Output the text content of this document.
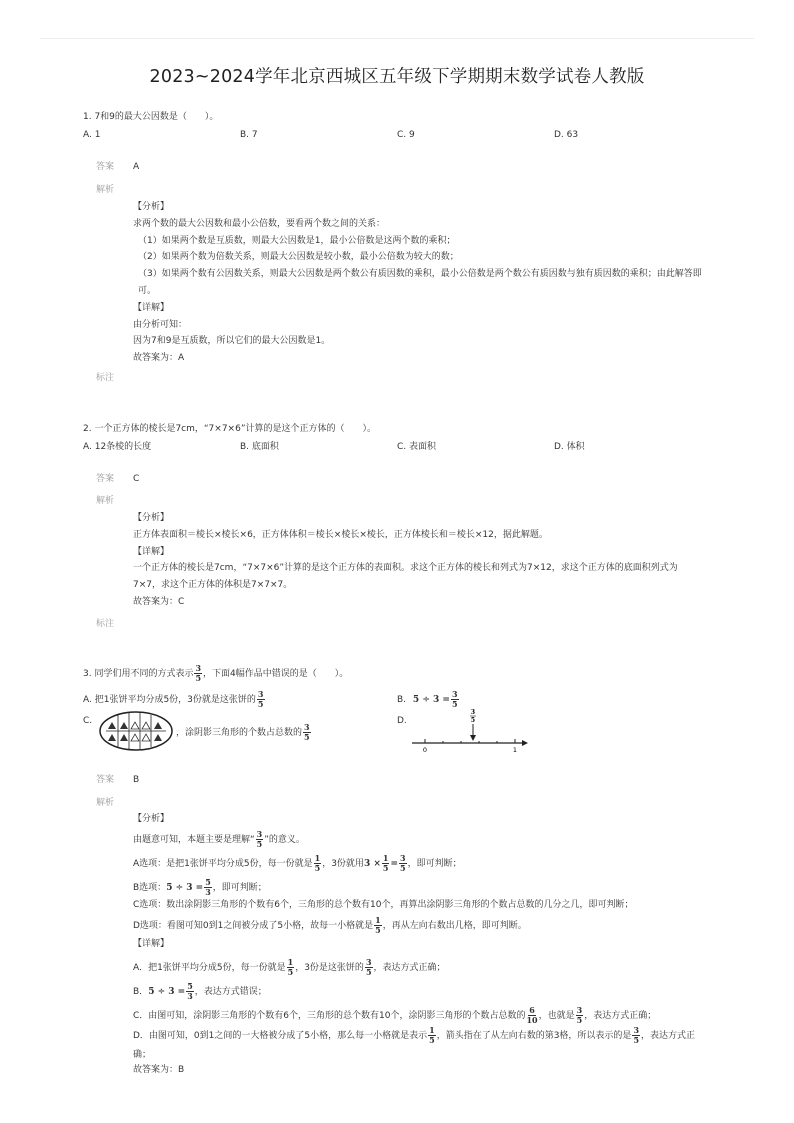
2023~2024学年北京西城区五年级下学期期末数学试卷人教版
1. 7和9的最大公因数是（　　）。
A. 1	B. 7	C. 9	D. 63
答案 A
解析
【分析】
求两个数的最大公因数和最小公倍数，要看两个数之间的关系：
（1）如果两个数是互质数，则最大公因数是1，最小公倍数是这两个数的乘积；
（2）如果两个数为倍数关系，则最大公因数是较小数，最小公倍数为较大的数；
（3）如果两个数有公因数关系，则最大公因数是两个数公有质因数的乘积，最小公倍数是两个数公有质因数与独有质因数的乘积；由此解答即可。
【详解】
由分析可知：
因为7和9是互质数，所以它们的最大公因数是1。
故答案为：A
标注
2. 一个正方体的棱长是7cm，“7×7×6”计算的是这个正方体的（　　）。
A. 12条棱的长度	B. 底面积	C. 表面积	D. 体积
答案 C
解析
【分析】
正方体表面积＝棱长×棱长×6，正方体体积＝棱长×棱长×棱长，正方体棱长和＝棱长×12，据此解题。
【详解】
一个正方体的棱长是7cm，“7×7×6”计算的是这个正方体的表面积。求这个正方体的棱长和列式为7×12，求这个正方体的底面积列式为7×7，求这个正方体的体积是7×7×7。
故答案为：C
标注
3. 同学们用不同的方式表示 $\frac{3}{5}$ ，下面4幅作品中错误的是（　　）。
A. 把1张饼平均分成5份，3份就是这张饼的 $\frac{3}{5}$	B. $5 \div 3 = \frac{3}{5}$
C.
，涂阴影三角形的个数占总数的 $\frac{3}{5}$
D.
3
5
0	1
答案 B
解析
【分析】
由题意可知，本题主要是理解“ $\frac{3}{5}$ ”的意义。
A选项：是把1张饼平均分成5份，每一份就是 $\frac{1}{5}$ ，3份就用$3 \times \frac{1}{5} = \frac{3}{5}$ ，即可判断；
B选项：$5 \div 3 = \frac{5}{3}$ ，即可判断；
C选项：数出涂阴影三角形的个数有6个，三角形的总个数有10个，再算出涂阴影三角形的个数占总数的几分之几，即可判断；
D选项：看图可知0到1之间被分成了5小格，故每一小格就是 $\frac{1}{5}$ ，再从左向右数出几格，即可判断。
【详解】
A．把1张饼平均分成5份，每一份就是 $\frac{1}{5}$ ，3份是这张饼的 $\frac{3}{5}$ ，表达方式正确；
B．$5 \div 3 = \frac{5}{3}$ ，表达方式错误；
C．由图可知，涂阴影三角形的个数有6个，三角形的总个数有10个，涂阴影三角形的个数占总数的 $\frac{6}{10}$ ，也就是 $\frac{3}{5}$ ，表达方式正确；
D．由图可知，0到1之间的一大格被分成了5小格，那么每一小格就是表示 $\frac{1}{5}$ ，箭头指在了从左向右数的第3格，所以表示的是 $\frac{3}{5}$ ，表达方式正确；
故答案为：B
